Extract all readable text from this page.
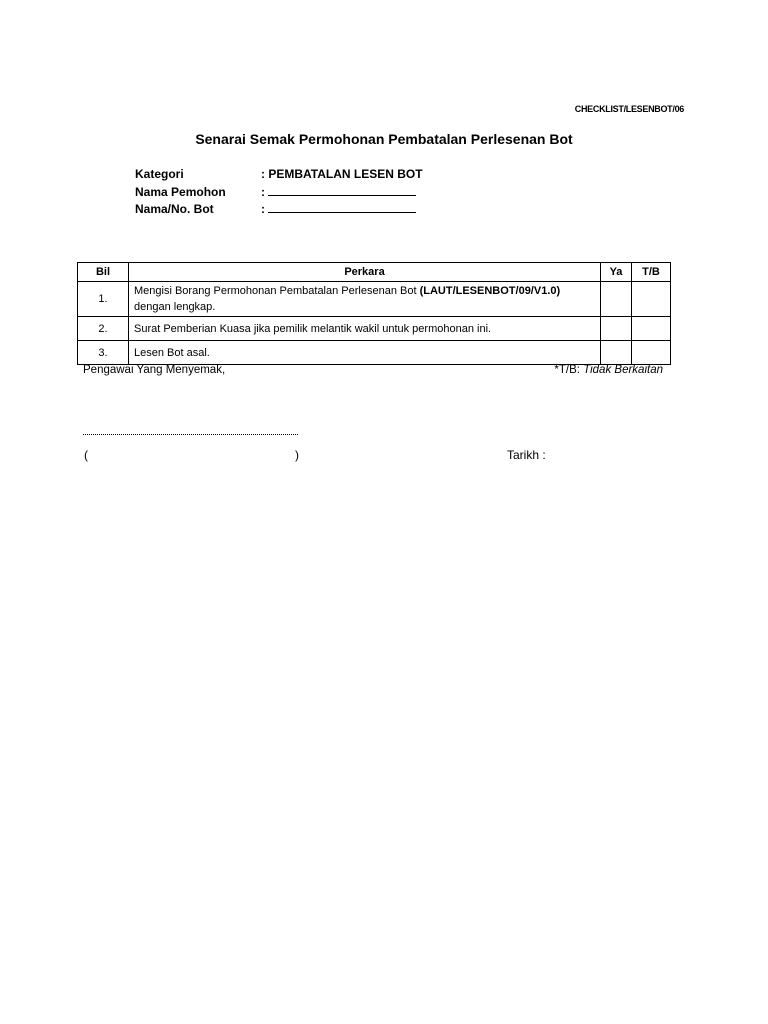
CHECKLIST/LESENBOT/06
Senarai Semak Permohonan Pembatalan Perlesenan Bot
Kategori	: PEMBATALAN LESEN BOT
Nama Pemohon	:
Nama/No. Bot	:
Bil	Perkara	Ya	T/B
1.	Mengisi Borang Permohonan Pembatalan Perlesenan Bot (LAUT/LESENBOT/09/V1.0)
dengan lengkap.		
2.	Surat Pemberian Kuasa jika pemilik melantik wakil untuk permohonan ini.		
3.	Lesen Bot asal.		
Pengawai Yang Menyemak,	*T/B: Tidak Berkaitan
(	)	Tarikh :
